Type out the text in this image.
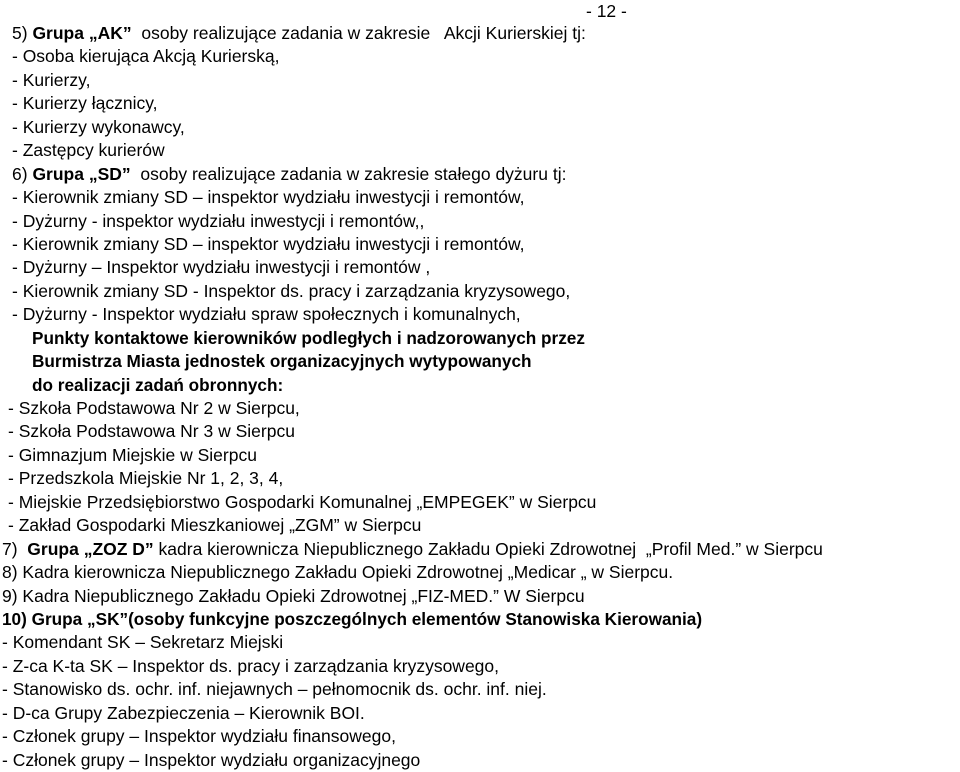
- 12 -
5) Grupa „AK”  osoby realizujące zadania w zakresie   Akcji Kurierskiej tj:
- Osoba kierująca Akcją Kurierską,
- Kurierzy,
- Kurierzy łącznicy,
- Kurierzy wykonawcy,
- Zastępcy kurierów
6) Grupa „SD”  osoby realizujące zadania w zakresie stałego dyżuru tj:
- Kierownik zmiany SD – inspektor wydziału inwestycji i remontów,
- Dyżurny - inspektor wydziału inwestycji i remontów,,
- Kierownik zmiany SD – inspektor wydziału inwestycji i remontów,
- Dyżurny – Inspektor wydziału inwestycji i remontów ,
- Kierownik zmiany SD - Inspektor ds. pracy i zarządzania kryzysowego,
- Dyżurny - Inspektor wydziału spraw społecznych i komunalnych,
Punkty kontaktowe kierowników podległych i nadzorowanych przez
Burmistrza Miasta jednostek organizacyjnych wytypowanych
do realizacji zadań obronnych:
- Szkoła Podstawowa Nr 2 w Sierpcu,
- Szkoła Podstawowa Nr 3 w Sierpcu
- Gimnazjum Miejskie w Sierpcu
- Przedszkola Miejskie Nr 1, 2, 3, 4,
- Miejskie Przedsiębiorstwo Gospodarki Komunalnej „EMPEGEK” w Sierpcu
- Zakład Gospodarki Mieszkaniowej „ZGM” w Sierpcu
7)  Grupa „ZOZ D” kadra kierownicza Niepublicznego Zakładu Opieki Zdrowotnej  „Profil Med.” w Sierpcu
8) Kadra kierownicza Niepublicznego Zakładu Opieki Zdrowotnej „Medicar „ w Sierpcu.
9) Kadra Niepublicznego Zakładu Opieki Zdrowotnej „FIZ-MED.” W Sierpcu
10) Grupa „SK”(osoby funkcyjne poszczególnych elementów Stanowiska Kierowania)
- Komendant SK – Sekretarz Miejski
- Z-ca K-ta SK – Inspektor ds. pracy i zarządzania kryzysowego,
- Stanowisko ds. ochr. inf. niejawnych – pełnomocnik ds. ochr. inf. niej.
- D-ca Grupy Zabezpieczenia – Kierownik BOI.
- Członek grupy – Inspektor wydziału finansowego,
- Członek grupy – Inspektor wydziału organizacyjnego
